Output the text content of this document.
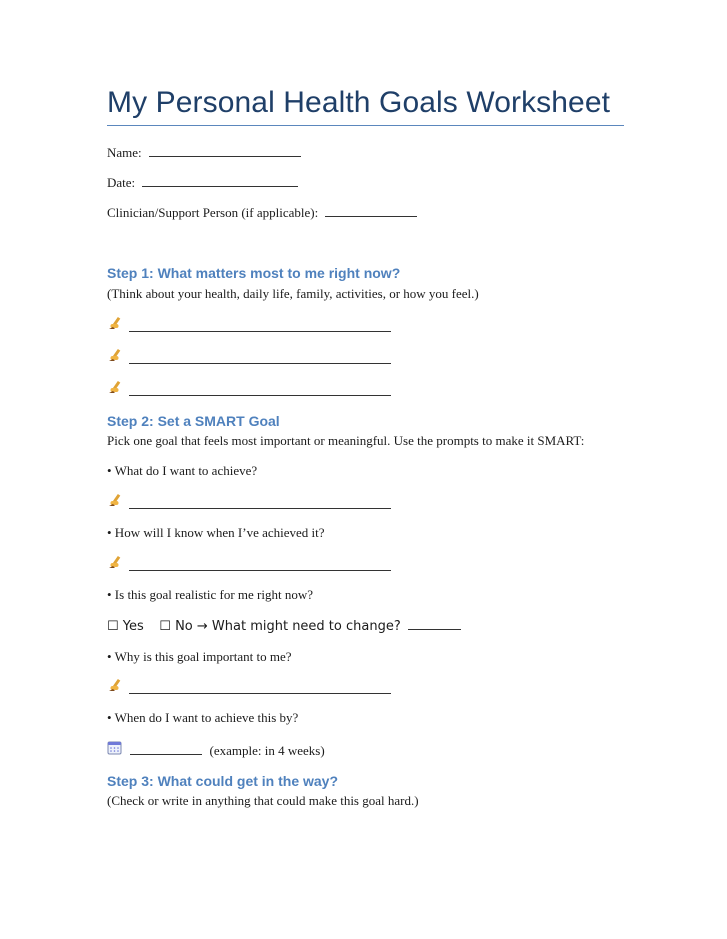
My Personal Health Goals Worksheet
Name:
Date:
Clinician/Support Person (if applicable):
Step 1: What matters most to me right now?
(Think about your health, daily life, family, activities, or how you feel.)
Step 2: Set a SMART Goal
Pick one goal that feels most important or meaningful. Use the prompts to make it SMART:
• What do I want to achieve?
• How will I know when I’ve achieved it?
• Is this goal realistic for me right now?
☐ Yes ☐ No → What might need to change?
• Why is this goal important to me?
• When do I want to achieve this by?
(example: in 4 weeks)
Step 3: What could get in the way?
(Check or write in anything that could make this goal hard.)
